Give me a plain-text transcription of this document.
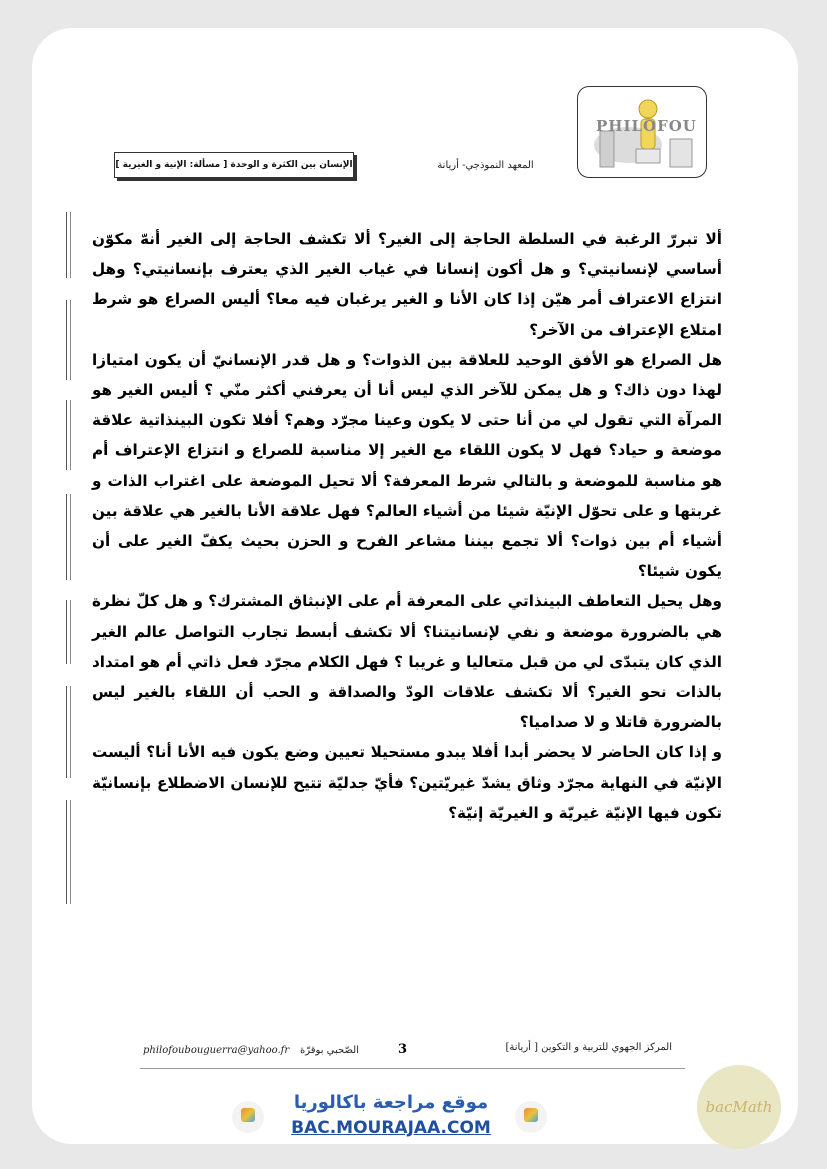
PHILOFOU
الإنسان بين الكثرة و الوحدة [ مسألة: الإنية و الغيرية ]	المعهد النموذجي- أريانة

ألا تبررّ الرغبة في السلطة الحاجة إلى الغير؟ ألا تكشف الحاجة إلى الغير أنهّ مكوّن أساسي لإنسانيتي؟ و هل أكون إنسانا في غياب الغير الذي يعترف بإنسانيتي؟ وهل انتزاع الاعتراف أمر هيّن إذا كان الأنا و الغير يرغبان فيه معا؟ أليس الصراع هو شرط امتلاع الإعتراف من الآخر؟

هل الصراع هو الأفق الوحيد للعلاقة بين الذوات؟ و هل قدر الإنسانيّ أن يكون امتيازا لهذا دون ذاك؟ و هل يمكن للآخر الذي ليس أنا أن يعرفني أكثر منّي ؟ أليس الغير هو المرآة التي تقول لي من أنا حتى لا يكون وعينا مجرّد وهم؟ أفلا تكون البينذاتية علاقة موضعة و حياد؟ فهل لا يكون اللقاء مع الغير إلا مناسبة للصراع و انتزاع الإعتراف أم هو مناسبة للموضعة و بالتالي شرط المعرفة؟ ألا تحيل الموضعة على اغتراب الذات و غربتها و على تحوّل الإنيّة شيئا من أشياء العالم؟ فهل علاقة الأنا بالغير هي علاقة بين أشياء أم بين ذوات؟ ألا تجمع بيننا مشاعر الفرح و الحزن بحيث يكفّ الغير على أن يكون شيئا؟

وهل يحيل التعاطف البينذاتي على المعرفة أم على الإنبثاق المشترك؟ و هل كلّ نظرة هي بالضرورة موضعة و نفي لإنسانيتنا؟ ألا تكشف أبسط تجارب التواصل عالم الغير الذي كان يتبدّى لي من قبل متعاليا و غريبا ؟ فهل الكلام مجرّد فعل ذاتي أم هو امتداد بالذات نحو الغير؟ ألا تكشف علاقات الودّ والصداقة و الحب أن اللقاء بالغير ليس بالضرورة قاتلا و لا صداميا؟

و إذا كان الحاضر لا يحضر أبدا أفلا يبدو مستحيلا تعيين وضع يكون فيه الأنا أنا؟ أليست الإنيّة في النهاية مجرّد وثاق يشدّ غيريّتين؟ فأيّ جدليّة تتيح للإنسان الاضطلاع بإنسانيّة تكون فيها الإنيّة غيريّة و الغيريّة إنيّة؟

المركز الجهوي للتربية و التكوين [ أريانة]
3
الصّحبي بوقرّة
philofoubouguerra@yahoo.fr
موقع مراجعة باكالوريا
BAC.MOURAJAA.COM
bacMath
